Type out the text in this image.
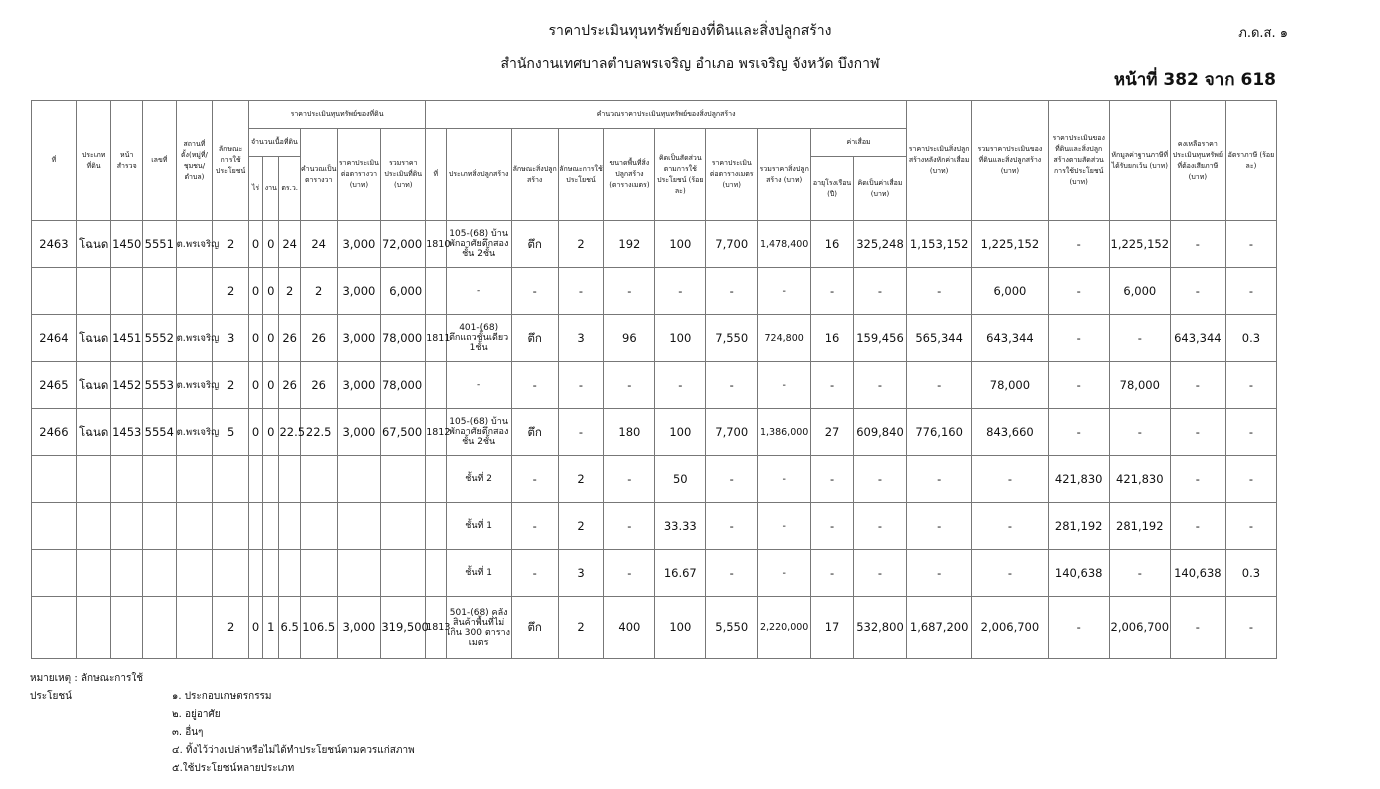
ราคาประเมินทุนทรัพย์ของที่ดินและสิ่งปลูกสร้าง
สำนักงานเทศบาลตำบลพรเจริญ อำเภอ พรเจริญ จังหวัด บึงกาฬ
ภ.ด.ส. ๑
หน้าที่ 382 จาก 618
ที่	ประเภทที่ดิน	หน้าสำรวจ	เลขที่	สถานที่ตั้ง(หมู่ที่/ชุมชน/ตำบล)	ลักษณะการใช้ประโยชน์	ราคาประเมินทุนทรัพย์ของที่ดิน						คำนวณราคาประเมินทุนทรัพย์ของสิ่งปลูกสร้าง										ราคาประเมินสิ่งปลูกสร้างหลังหักค่าเสื่อม (บาท)	รวมราคาประเมินของที่ดินและสิ่งปลูกสร้าง (บาท)	ราคาประเมินของที่ดินและสิ่งปลูกสร้างตามสัดส่วนการใช้ประโยชน์ (บาท)	หักมูลค่าฐานภาษีที่ได้รับยกเว้น (บาท)	คงเหลือราคาประเมินทุนทรัพย์ที่ต้องเสียภาษี (บาท)	อัตราภาษี (ร้อยละ)
						จำนวนเนื้อที่ดิน			คำนวณเป็นตารางวา	ราคาประเมินต่อตารางวา (บาท)	รวมราคาประเมินที่ดิน (บาท)	ที่	ประเภทสิ่งปลูกสร้าง	ลักษณะสิ่งปลูกสร้าง	ลักษณะการใช้ประโยชน์	ขนาดพื้นที่สิ่งปลูกสร้าง (ตารางเมตร)	คิดเป็นสัดส่วนตามการใช้ประโยชน์ (ร้อยละ)	ราคาประเมินต่อตารางเมตร (บาท)	รวมราคาสิ่งปลูกสร้าง (บาท)	ค่าเสื่อม							
						ไร่	งาน	ตร.ว.												อายุโรงเรือน (ปี)	คิดเป็นค่าเสื่อม (บาท)						
2463	โฉนด	1450	5551	ต.พรเจริญ	2	0	0	24	24	3,000	72,000	1810	105-(68) บ้านพักอาศัยตึกสองชั้น 2ชั้น	ตึก	2	192	100	7,700	1,478,400	16	325,248	1,153,152	1,225,152	-	1,225,152	-	-
					2	0	0	2	2	3,000	6,000		-	-	-	-	-	-	-	-	-	-	6,000	-	6,000	-	-
2464	โฉนด	1451	5552	ต.พรเจริญ	3	0	0	26	26	3,000	78,000	1811	401-(68) ตึกแถวชั้นเดียว 1ชั้น	ตึก	3	96	100	7,550	724,800	16	159,456	565,344	643,344	-	-	643,344	0.3
2465	โฉนด	1452	5553	ต.พรเจริญ	2	0	0	26	26	3,000	78,000		-	-	-	-	-	-	-	-	-	-	78,000	-	78,000	-	-
2466	โฉนด	1453	5554	ต.พรเจริญ	5	0	0	22.5	22.5	3,000	67,500	1812	105-(68) บ้านพักอาศัยตึกสองชั้น 2ชั้น	ตึก	-	180	100	7,700	1,386,000	27	609,840	776,160	843,660	-	-	-	-
													ชั้นที่ 2	-	2	-	50	-	-	-	-	-	-	421,830	421,830	-	-
													ชั้นที่ 1	-	2	-	33.33	-	-	-	-	-	-	281,192	281,192	-	-
													ชั้นที่ 1	-	3	-	16.67	-	-	-	-	-	-	140,638	-	140,638	0.3
					2	0	1	6.5	106.5	3,000	319,500	1813	501-(68) คลังสินค้าพื้นที่ไม่เกิน 300 ตารางเมตร	ตึก	2	400	100	5,550	2,220,000	17	532,800	1,687,200	2,006,700	-	2,006,700	-	-
หมายเหตุ : ลักษณะการใช้ประโยชน์	๑. ประกอบเกษตรกรรม
๒. อยู่อาศัย
๓. อื่นๆ
๔. ทิ้งไว้ว่างเปล่าหรือไม่ได้ทำประโยชน์ตามควรแก่สภาพ
๕.ใช้ประโยชน์หลายประเภท
